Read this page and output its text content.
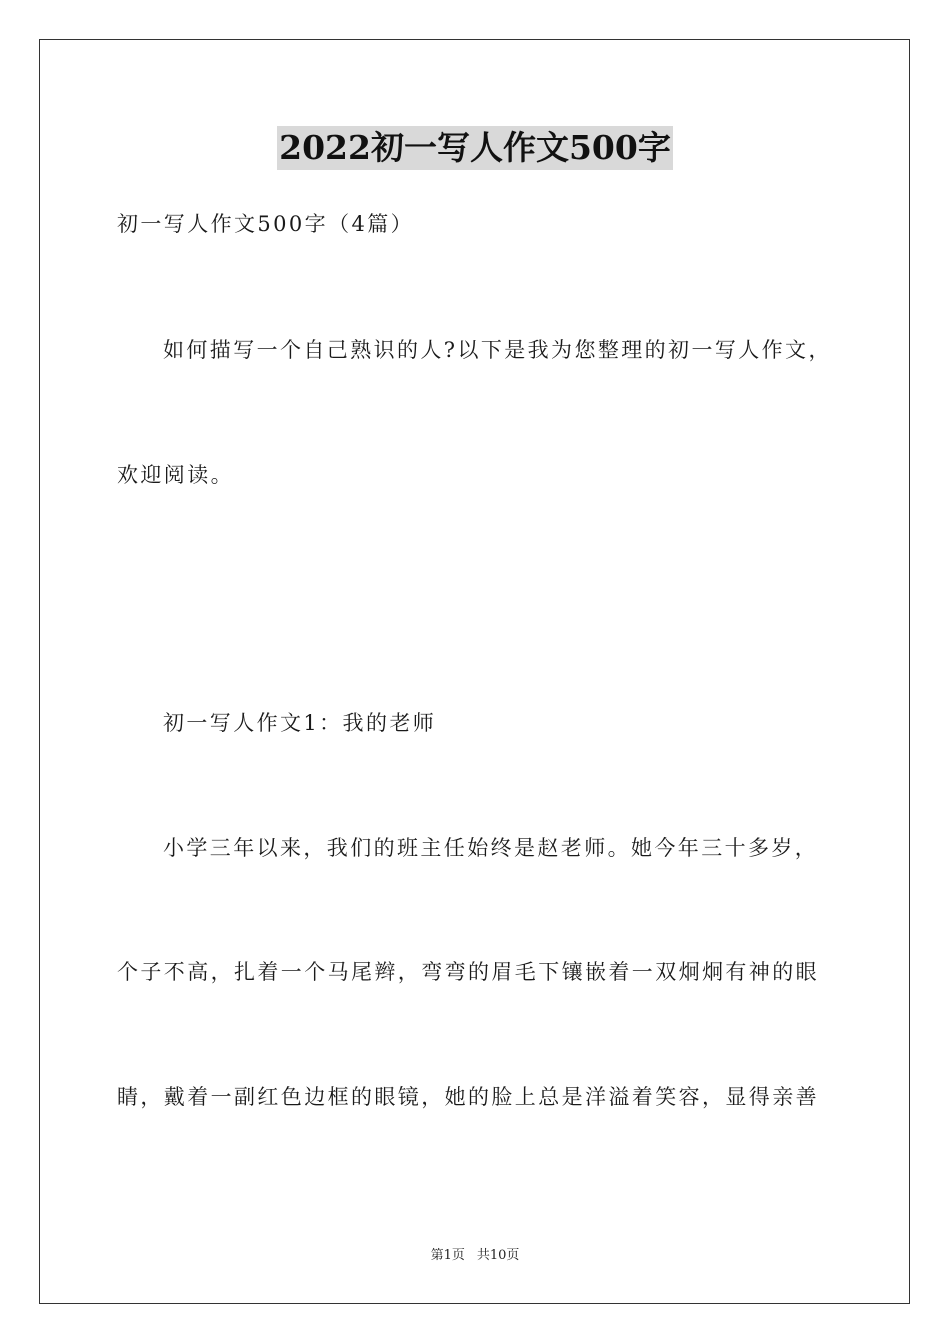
2022初一写人作文500字
初一写人作文500字（4篇）
如何描写一个自己熟识的人?以下是我为您整理的初一写人作文，
欢迎阅读。
初一写人作文1：我的老师
小学三年以来，我们的班主任始终是赵老师。她今年三十多岁，
个子不高，扎着一个马尾辫，弯弯的眉毛下镶嵌着一双炯炯有神的眼
睛，戴着一副红色边框的眼镜，她的脸上总是洋溢着笑容，显得亲善
第1页 共10页
